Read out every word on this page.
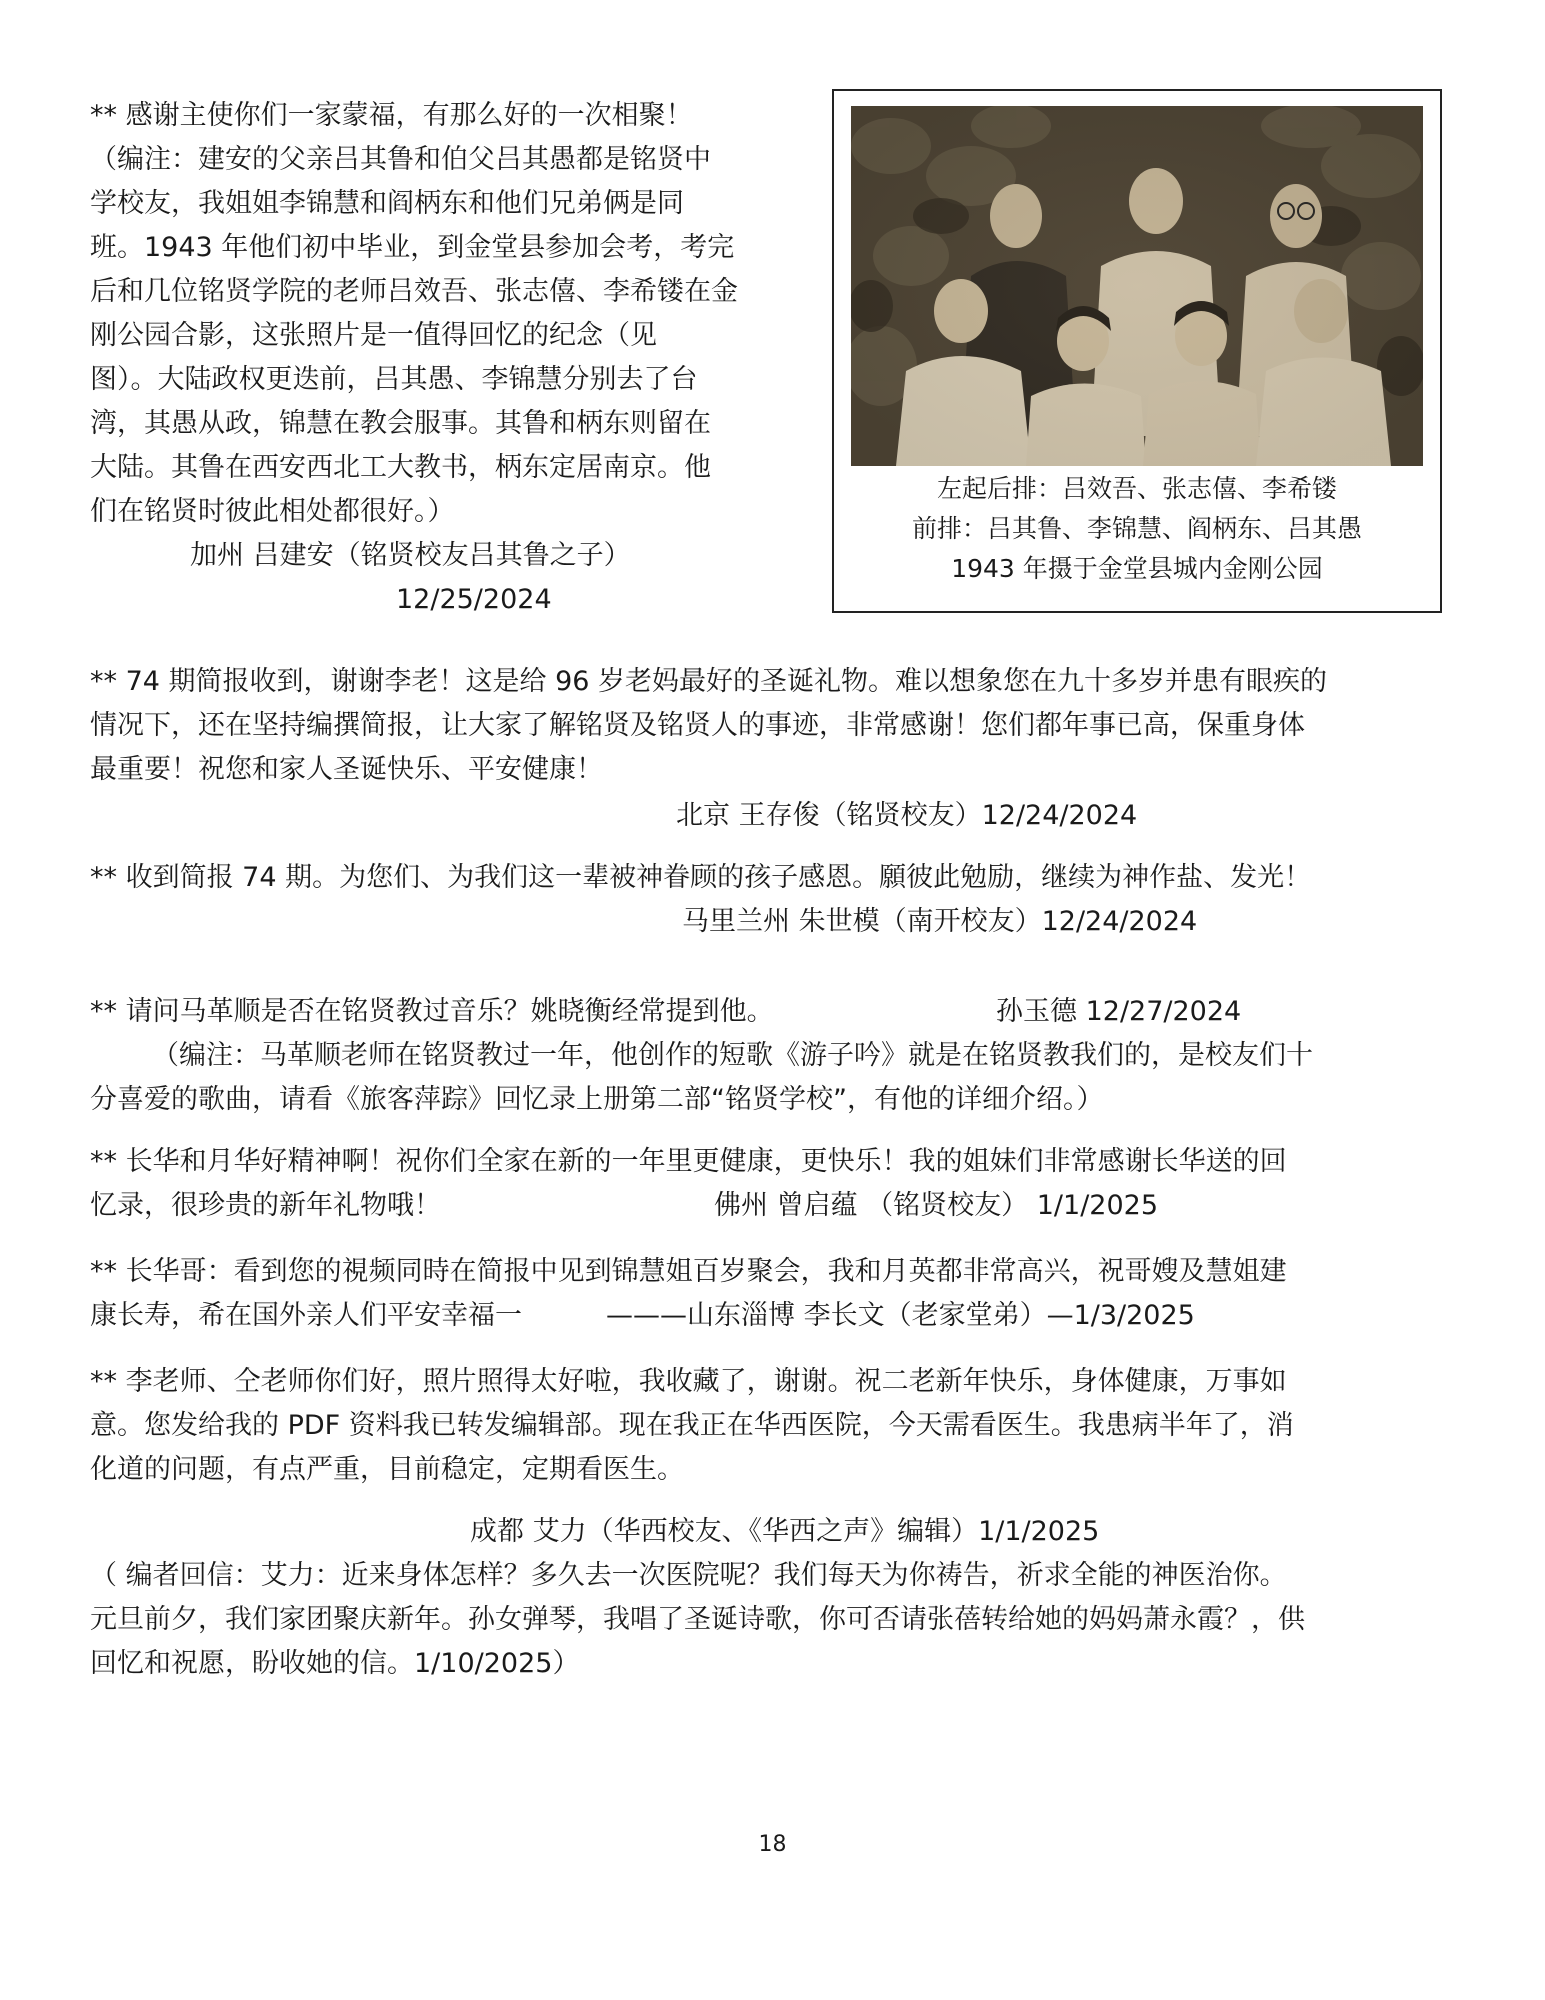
** 感谢主使你们一家蒙福，有那么好的一次相聚！
（编注：建安的父亲吕其鲁和伯父吕其愚都是铭贤中
学校友，我姐姐李锦慧和阎柄东和他们兄弟俩是同
班。1943 年他们初中毕业，到金堂县参加会考，考完
后和几位铭贤学院的老师吕效吾、张志僖、李希镂在金
刚公园合影，这张照片是一值得回忆的纪念（见
图）。大陆政权更迭前，吕其愚、李锦慧分别去了台
湾，其愚从政，锦慧在教会服事。其鲁和柄东则留在
大陆。其鲁在西安西北工大教书，柄东定居南京。他
们在铭贤时彼此相处都很好。）
加州 吕建安（铭贤校友吕其鲁之子）
12/25/2024
左起后排：吕效吾、张志僖、李希镂
前排：吕其鲁、李锦慧、阎柄东、吕其愚
1943 年摄于金堂县城内金刚公园
** 74 期简报收到，谢谢李老！这是给 96 岁老妈最好的圣诞礼物。难以想象您在九十多岁并患有眼疾的
情况下，还在坚持编撰简报，让大家了解铭贤及铭贤人的事迹，非常感谢！您们都年事已高，保重身体
最重要！祝您和家人圣诞快乐、平安健康！
北京 王存俊（铭贤校友）12/24/2024
** 收到简报 74 期。为您们、为我们这一辈被神眷顾的孩子感恩。願彼此勉励，继续为神作盐、发光！
马里兰州 朱世模（南开校友）12/24/2024
** 请问马革顺是否在铭贤教过音乐？姚晓衡经常提到他。	孙玉德 12/27/2024
（编注：马革顺老师在铭贤教过一年，他创作的短歌《游子吟》就是在铭贤教我们的，是校友们十
分喜爱的歌曲，请看《旅客萍踪》回忆录上册第二部“铭贤学校”，有他的详细介绍。）
** 长华和月华好精神啊！祝你们全家在新的一年里更健康，更快乐！我的姐妹们非常感谢长华送的回
忆录，很珍贵的新年礼物哦！	佛州 曾启蕴 （铭贤校友） 1/1/2025
** 长华哥：看到您的視频同時在简报中见到锦慧姐百岁聚会，我和月英都非常高兴，祝哥嫂及慧姐建
康长寿，希在国外亲人们平安幸福一	———山东淄博 李长文（老家堂弟）—1/3/2025
** 李老师、仝老师你们好，照片照得太好啦，我收藏了，谢谢。祝二老新年快乐，身体健康，万事如
意。您发给我的 PDF 资料我已转发编辑部。现在我正在华西医院，今天需看医生。我患病半年了，消
化道的问题，有点严重，目前稳定，定期看医生。
成都 艾力（华西校友、《华西之声》编辑）1/1/2025
（ 编者回信：艾力：近来身体怎样？多久去一次医院呢？我们每天为你祷告，祈求全能的神医治你。
元旦前夕，我们家团聚庆新年。孙女弹琴，我唱了圣诞诗歌，你可否请张蓓转给她的妈妈萧永霞？，供
回忆和祝愿，盼收她的信。1/10/2025）
18
